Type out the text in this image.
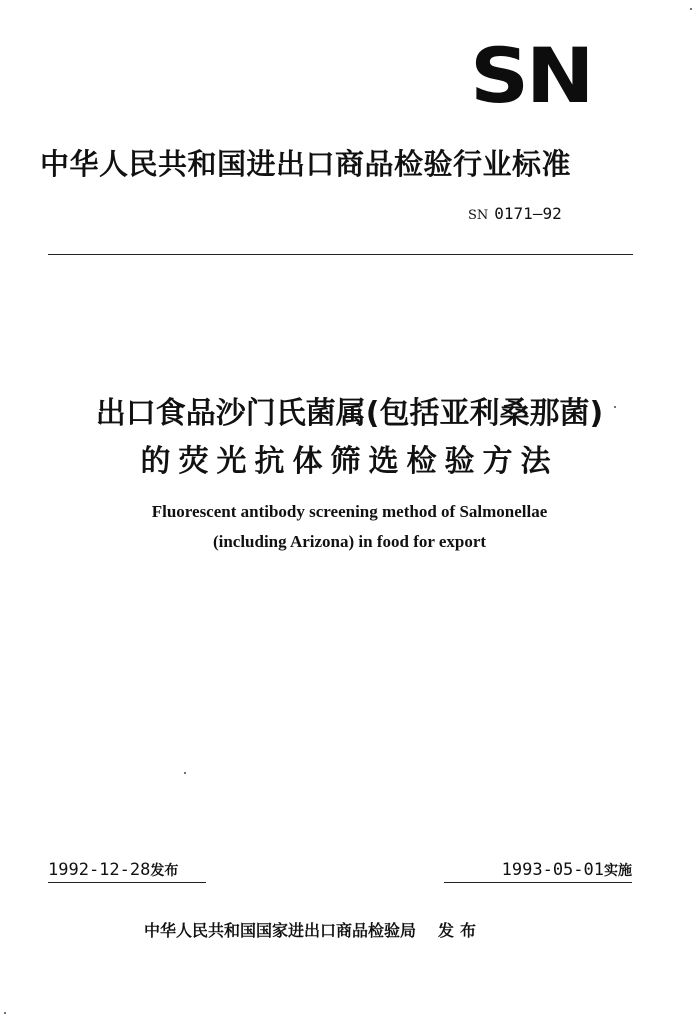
SN
中华人民共和国进出口商品检验行业标准
SN 0171—92
出口食品沙门氏菌属(包括亚利桑那菌)
的荧光抗体筛选检验方法
Fluorescent antibody screening method of Salmonellae
(including Arizona) in food for export
1992-12-28发布	1993-05-01实施
中华人民共和国国家进出口商品检验局 发布
